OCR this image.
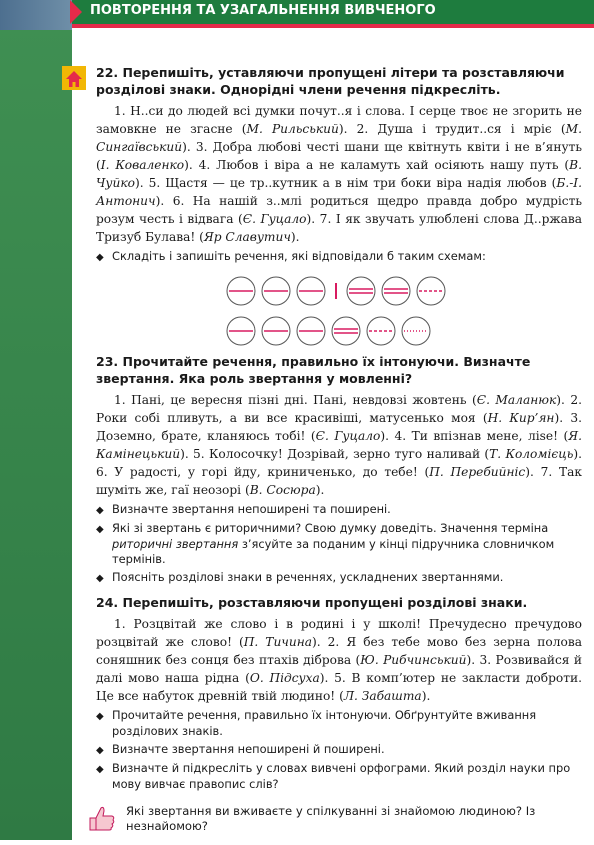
ПОВТОРЕННЯ ТА УЗАГАЛЬНЕННЯ ВИВЧЕНОГО

22. Перепишіть, уставляючи пропущені літери та розставляючи розділові знаки. Однорідні члени речення підкресліть.

1. Н..си до людей всі думки почут..я і слова. І серце твоє не згорить не замовкне не згасне (М. Рильський). 2. Душа і трудит..ся і мріє (М. Сингаївський). 3. Добра любові честі шани ще квітнуть квіти і не в’януть (І. Коваленко). 4. Любов і віра а не каламуть хай осіяють нашу путь (В. Чуйко). 5. Щастя — це тр..кутник а в нім три боки віра надія любов (Б.-І. Антонич). 6. На нашій з..млі родиться щедро правда добро мудрість розум честь і відвага (Є. Гуцало). 7. І як звучать улюблені слова Д..ржава Тризуб Булава! (Яр Славутич).

◆ Складіть і запишіть речення, які відповідали б таким схемам:

23. Прочитайте речення, правильно їх інтонуючи. Визначте звертання. Яка роль звертання у мовленні?

1. Пані, це вересня пізні дні. Пані, невдовзі жовтень (Є. Маланюк). 2. Роки собі пливуть, а ви все красивіші, матусенько моя (Н. Кир’ян). 3. Доземно, брате, кланяюсь тобі! (Є. Гуцало). 4. Ти впізнав мене, ліse! (Я. Камінецький). 5. Колосочку! Дозрівай, зерно тугo наливай (Т. Коломієць). 6. У радості, у горі йду, криниченько, до тебе! (П. Перебийніс). 7. Так шуміть же, гаї неозорі (В. Сосюра).

◆ Визначте звертання непоширені та поширені.

◆ Які зі звертань є риторичними? Свою думку доведіть. Значення терміна риторичні звертання з’ясуйте за поданим у кінці підручника словничком термінів.

◆ Поясніть розділові знаки в реченнях, ускладнених звертаннями.

24. Перепишіть, розставляючи пропущені розділові знаки.

1. Розцвітай же слово і в родині і у школі! Пречудесно пречудово розцвітай же слово! (П. Тичина). 2. Я без тебе мово без зерна полова соняшник без сонця без птахів діброва (Ю. Рибчинський). 3. Розвивайся й далі мово наша рідна (О. Підсуха). 5. В комп’ютер не закласти доброти. Це все набуток древній твій людино! (Л. Забашта).

◆ Прочитайте речення, правильно їх інтонуючи. Обґрунтуйте вживання розділових знаків.

◆ Визначте звертання непоширені й поширені.

◆ Визначте й підкресліть у словах вивчені орфограми. Який розділ науки про мову вивчає правопис слів?

Які звертання ви вживаєте у спілкуванні зі знайомою людиною? Із незнайомою?
